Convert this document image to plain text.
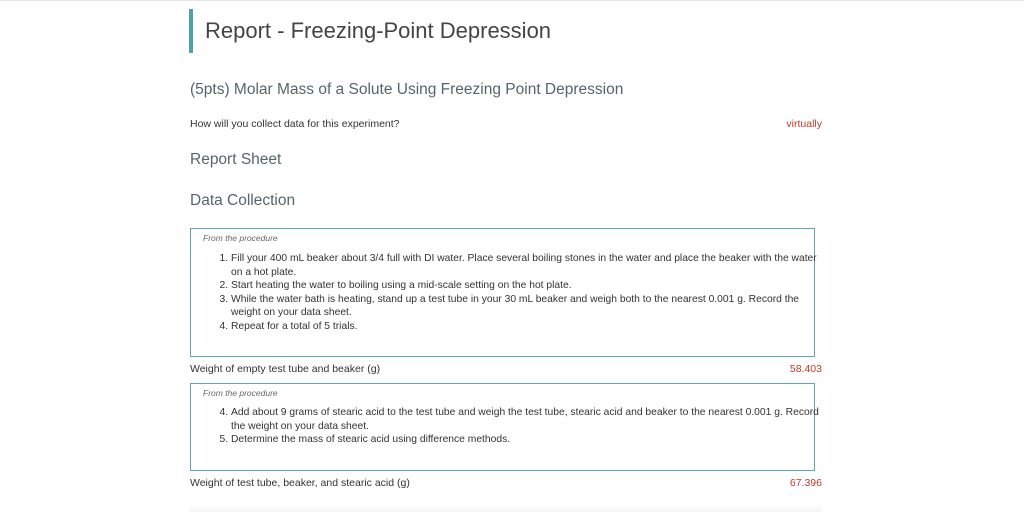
Report - Freezing-Point Depression
(5pts) Molar Mass of a Solute Using Freezing Point Depression
How will you collect data for this experiment?	virtually
Report Sheet
Data Collection
From the procedure
1. Fill your 400 mL beaker about 3/4 full with DI water. Place several boiling stones in the water and place the beaker with the water on a hot plate.
2. Start heating the water to boiling using a mid-scale setting on the hot plate.
3. While the water bath is heating, stand up a test tube in your 30 mL beaker and weigh both to the nearest 0.001 g. Record the weight on your data sheet.
4. Repeat for a total of 5 trials.
Weight of empty test tube and beaker (g)	58.403
From the procedure
4. Add about 9 grams of stearic acid to the test tube and weigh the test tube, stearic acid and beaker to the nearest 0.001 g. Record the weight on your data sheet.
5. Determine the mass of stearic acid using difference methods.
Weight of test tube, beaker, and stearic acid (g)	67.396
